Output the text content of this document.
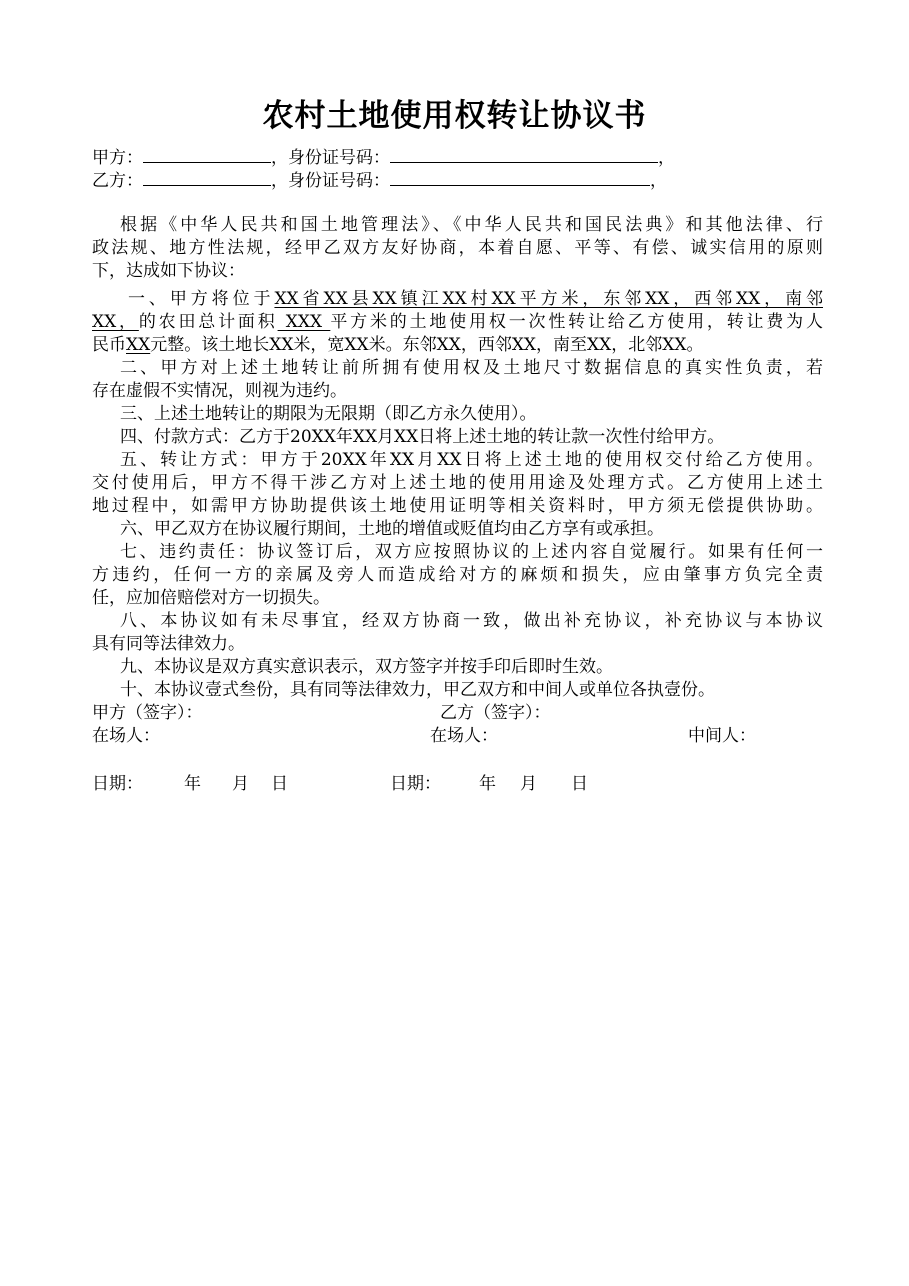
农村土地使用权转让协议书
甲方：	，身份证号码：	，
乙方：	，身份证号码：	，
根据《中华人民共和国土地管理法》、《中华人民共和国民法典》和其他法律、行
政法规、地方性法规，经甲乙双方友好协商，本着自愿、平等、有偿、诚实信用的原则
下，达成如下协议：
一、甲方将位于XX省XX县XX镇江XX村XX平方米，东邻XX，西邻XX，南邻
XX，的农田总计面积 XXX 平方米的土地使用权一次性转让给乙方使用，转让费为人
民币XX元整。该土地长XX米，宽XX米。东邻XX，西邻XX，南至XX，北邻XX。
二、甲方对上述土地转让前所拥有使用权及土地尺寸数据信息的真实性负责，若
存在虚假不实情况，则视为违约。
三、上述土地转让的期限为无限期（即乙方永久使用）。
四、付款方式：乙方于20XX年XX月XX日将上述土地的转让款一次性付给甲方。
五、转让方式：甲方于20XX年XX月XX日将上述土地的使用权交付给乙方使用。
交付使用后，甲方不得干涉乙方对上述土地的使用用途及处理方式。乙方使用上述土
地过程中，如需甲方协助提供该土地使用证明等相关资料时，甲方须无偿提供协助。
六、甲乙双方在协议履行期间，土地的增值或贬值均由乙方享有或承担。
七、违约责任：协议签订后，双方应按照协议的上述内容自觉履行。如果有任何一
方违约，任何一方的亲属及旁人而造成给对方的麻烦和损失，应由肇事方负完全责
任，应加倍赔偿对方一切损失。
八、本协议如有未尽事宜，经双方协商一致，做出补充协议，补充协议与本协议
具有同等法律效力。
九、本协议是双方真实意识表示，双方签字并按手印后即时生效。
十、本协议壹式叁份，具有同等法律效力，甲乙双方和中间人或单位各执壹份。
甲方（签字）：	乙方（签字）：
在场人：	在场人：	中间人：
日期： 年 月 日	日期： 年 月 日
